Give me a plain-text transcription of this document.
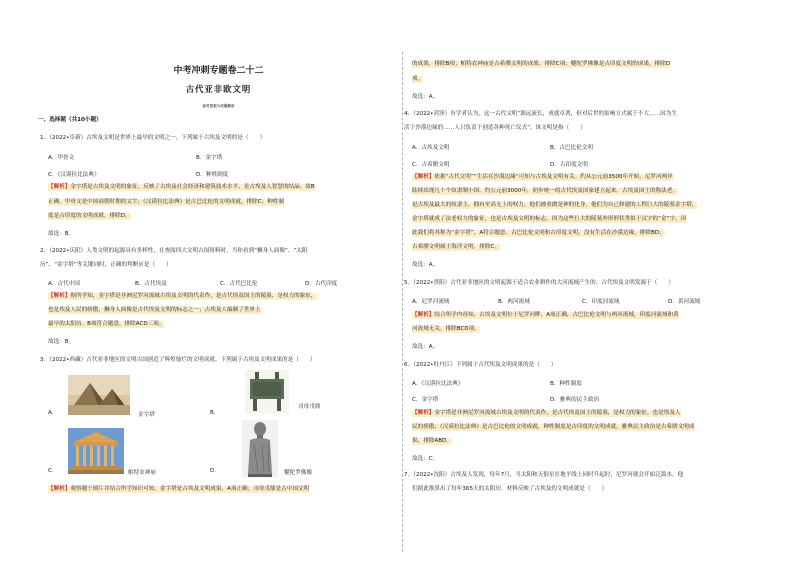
中考冲刺专题卷二十二
古代亚非欧文明
参考答案与试题解析
一、选择题（共10小题）
1．（2022•阜新）古埃及文明是世界上最早的文明之一。下列属于古埃及文明的是（　　）
A．甲骨文	B．金字塔
C．《汉谟拉比法典》	D．种姓制度
【解析】金字塔是古埃及文明的象征，反映了古埃及社会经济和建筑技术水平，是古埃及人智慧的结晶。故B
正确，甲骨文是中国商朝时期的文字；《汉谟拉比法典》是古巴比伦的文明成就，排除C；种姓制
度是古印度的文明成就，排除D。
故选：B。
2．（2022•庆阳）人类文明的起源具有多样性，在查阅四大文明古国资料时，当你看到“狮身人面像”、“太阳
历”、“金字塔”等关键词时，正确的判断应是（　　）
A．古代中国	B．古代埃及	C．古代巴比伦	D．古代印度
【解析】据所学知，金字塔是非洲尼罗河流域古埃及文明的代表作，是古代埃及国王的陵墓，是权力的象征，
也是埃及人民的骄傲，狮身人面像是古代埃及文明的标志之一；古埃及人编制了世界上
最早的太阳历。B项符合题意，排除ACD三项。
故选：B。
3．（2022•西藏）古代亚非地区的文明古国创造了辉煌灿烂的文明成就。下列属于古埃及文明成果的是（　　）
A．	金字塔	B．
司母戊鼎
C．	帕特农神庙	D．	犍陀罗佛像
【解析】观察题干图片并结合所学知识可知，金字塔是古埃及文明成果，A项正确；司母戊鼎是古中国文明
的成果，排除B项；帕特农神庙是古希腊文明的成果，排除C项；犍陀罗佛像是古印度文明的成果，排除D
项。
故选：A。
4．（2022•菏泽）有学者认为，这一古代文明“源远流长，成就卓著，但对后世的影响方式属于不大……因为生
活于沙漠边缘的……人只负责于创造各种死亡仪式”。该文明是指（　　）
A．古埃及文明	B．古巴比伦文明
C．古希腊文明	D．古印度文明
【解析】依据“古代文明”“生活在沙漠边缘”可知与古埃及文明有关。约从公元前3500年开始，尼罗河两岸
陆续出现几十个奴隶制小国。约公元前3000年，初步统一的古代埃及国家建立起来。古埃及国王的称法老。
是古埃及最大的奴隶主，拥有至高无上的权力。他们被看做是神的化身，他们为自己修建的工程巨大的陵墓金字塔，
金字塔就成了法老权力的象征，也是古埃及文明的标志，因为这些巨大的陵墓外形形状类似于汉字的“金”字，因
此我们将其称为“金字塔”，A符合题意。古巴比伦文明和古印度文明，没有生活在沙漠边缘，排除BD；
古希腊文明属于海洋文明，排除C。
故选：A。
5．（2022•贵阳）古代亚非地区的文明起源于适合农业耕作的大河流域产生的。古代埃及文明发源于（　　）
A．尼罗河流域	B．两河流域	C．印度河流域	D．黄河流域
【解析】结合所学内容知，古埃及文明位于尼罗河畔，A项正确，古巴比伦文明与两河流域，印度河流域和黄
河流域无关，排除BCD项。
故选：A。
6．（2022•牡丹江）下列属于古代埃及文明成果的是（　　）
A．《汉谟拉比法典》	B．种姓制度
C．金字塔	D．雅典的民主政治
【解析】金字塔是非洲尼罗河流域古埃及文明的代表作，是古代埃及国王的陵墓，是权力的象征，也是埃及人
民的骄傲；《汉谟拉比法典》是古巴比伦的文明成就，种姓制度是古印度的文明成就，雅典民主政治是古希腊文明成
果，排除ABD。
故选：C。
7．（2022•沈阳）古埃及人发现，每年7月，当太阳和天狼星在地平线上同时升起时，尼罗河就会开始泛滥水，他
们据此推算出了每年365天的太阳历，材料反映了古埃及的文明成就是（　　）
